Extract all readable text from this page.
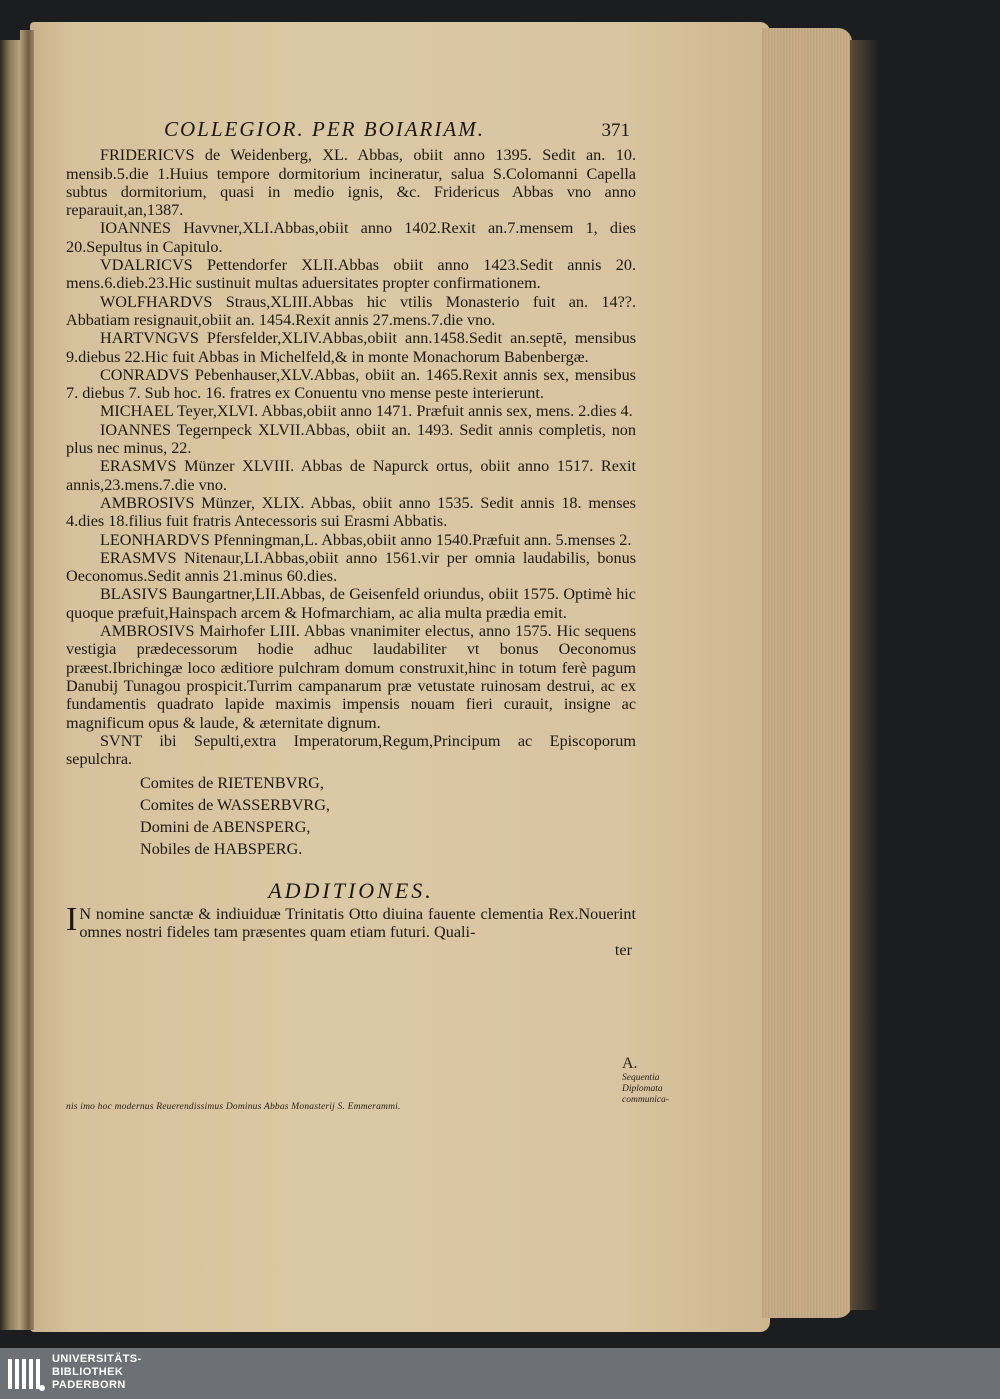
COLLEGIOR. PER BOIARIAM.	371

FRIDERICVS de Weidenberg, XL. Abbas, obiit anno 1395. Sedit an. 10. mensib.5.die 1.Huius tempore dormitorium incineratur, salua S.Colomanni Capella subtus dormitorium, quasi in medio ignis, &c. Fridericus Abbas vno anno reparauit,an,1387.

IOANNES Havvner,XLI.Abbas,obiit anno 1402.Rexit an.7.mensem 1, dies 20.Sepultus in Capitulo.

VDALRICVS Pettendorfer XLII.Abbas obiit anno 1423.Sedit annis 20. mens.6.dieb.23.Hic sustinuit multas aduersitates propter confirmationem.

WOLFHARDVS Straus,XLIII.Abbas hic vtilis Monasterio fuit an. 14??. Abbatiam resignauit,obiit an. 1454.Rexit annis 27.mens.7.die vno.

HARTVNGVS Pfersfelder,XLIV.Abbas,obiit ann.1458.Sedit an.septē, mensibus 9.diebus 22.Hic fuit Abbas in Michelfeld,& in monte Monachorum Babenbergæ.

CONRADVS Pebenhauser,XLV.Abbas, obiit an. 1465.Rexit annis sex, mensibus 7. diebus 7. Sub hoc. 16. fratres ex Conuentu vno mense peste interierunt.

MICHAEL Teyer,XLVI. Abbas,obiit anno 1471. Præfuit annis sex, mens. 2.dies 4.

IOANNES Tegernpeck XLVII.Abbas, obiit an. 1493. Sedit annis completis, non plus nec minus, 22.

ERASMVS Münzer XLVIII. Abbas de Napurck ortus, obiit anno 1517. Rexit annis,23.mens.7.die vno.

AMBROSIVS Münzer, XLIX. Abbas, obiit anno 1535. Sedit annis 18. menses 4.dies 18.filius fuit fratris Antecessoris sui Erasmi Abbatis.

LEONHARDVS Pfenningman,L. Abbas,obiit anno 1540.Præfuit ann. 5.menses 2.

ERASMVS Nitenaur,LI.Abbas,obiit anno 1561.vir per omnia laudabilis, bonus Oeconomus.Sedit annis 21.minus 60.dies.

BLASIVS Baungartner,LII.Abbas, de Geisenfeld oriundus, obiit 1575. Optimè hic quoque præfuit,Hainspach arcem & Hofmarchiam, ac alia multa prædia emit.

AMBROSIVS Mairhofer LIII. Abbas vnanimiter electus, anno 1575. Hic sequens vestigia prædecessorum hodie adhuc laudabiliter vt bonus Oeconomus præest.Ibrichingæ loco æditiore pulchram domum construxit,hinc in totum ferè pagum Danubij Tunagou prospicit.Turrim campanarum præ vetustate ruinosam destrui, ac ex fundamentis quadrato lapide maximis impensis nouam fieri curauit, insigne ac magnificum opus & laude, & æternitate dignum.

SVNT ibi Sepulti,extra Imperatorum,Regum,Principum ac Episcoporum sepulchra.

Comites de RIETENBVRG,
Comites de WASSERBVRG,
Domini de ABENSPERG,
Nobiles de HABSPERG.
ADDITIONES.

I N nomine sanctæ & indiuiduæ Trinitatis Otto diuina fauente clementia Rex.Nouerint omnes nostri fideles tam præsentes quam etiam futuri. Quali-

ter
nis imo hoc modernus Reuerendissimus Dominus Abbas Monasterij S. Emmerammi.
A.
Sequentia Diplomata communica-
UNIVERSITÄTS-
BIBLIOTHEK
PADERBORN
